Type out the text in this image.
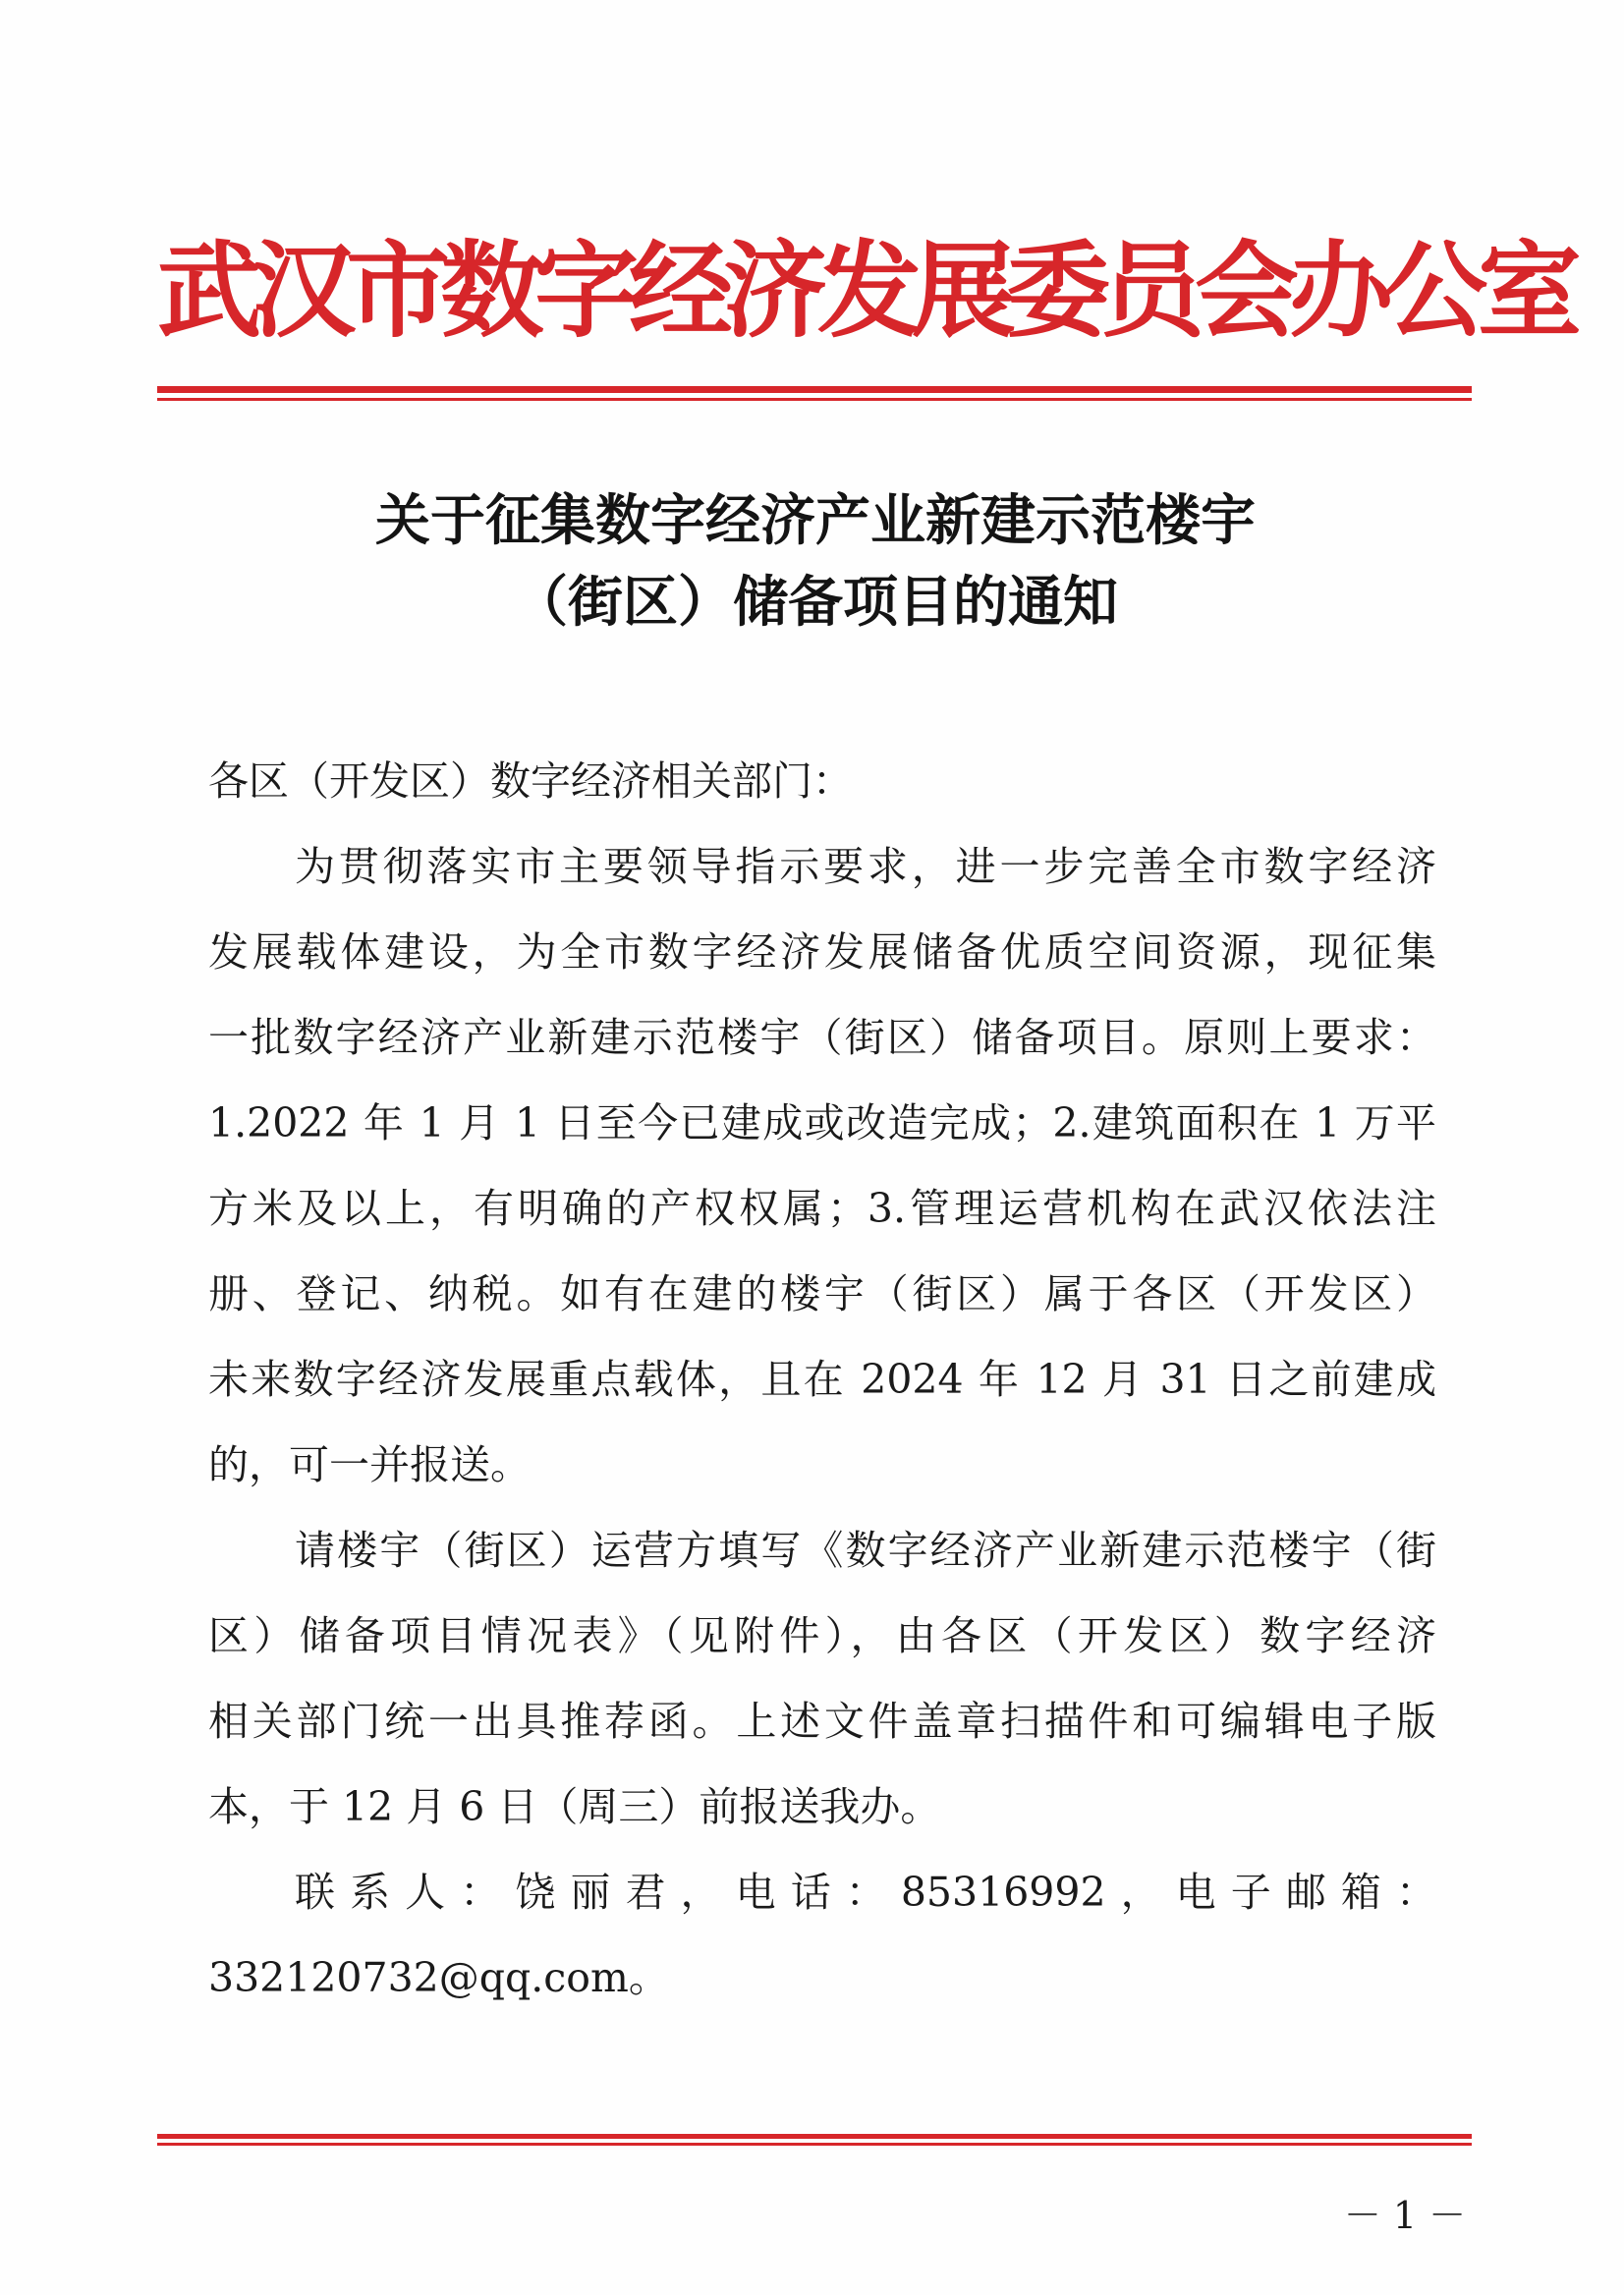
武汉市数字经济发展委员会办公室
关于征集数字经济产业新建示范楼宇
（街区）储备项目的通知
各区（开发区）数字经济相关部门：
为贯彻落实市主要领导指示要求，进一步完善全市数字经济
发展载体建设，为全市数字经济发展储备优质空间资源，现征集
一批数字经济产业新建示范楼宇（街区）储备项目。原则上要求：
1.2022 年 1 月 1 日至今已建成或改造完成；2.建筑面积在 1 万平
方米及以上，有明确的产权权属；3.管理运营机构在武汉依法注
册、登记、纳税。如有在建的楼宇（街区）属于各区（开发区）
未来数字经济发展重点载体，且在 2024 年 12 月 31 日之前建成
的，可一并报送。
请楼宇（街区）运营方填写《数字经济产业新建示范楼宇（街
区）储备项目情况表》（见附件），由各区（开发区）数字经济
相关部门统一出具推荐函。上述文件盖章扫描件和可编辑电子版
本，于 12 月 6 日（周三）前报送我办。
联系人：饶丽君，电话：85316992，电子邮箱：
332120732@qq.com。
－ 1 －
